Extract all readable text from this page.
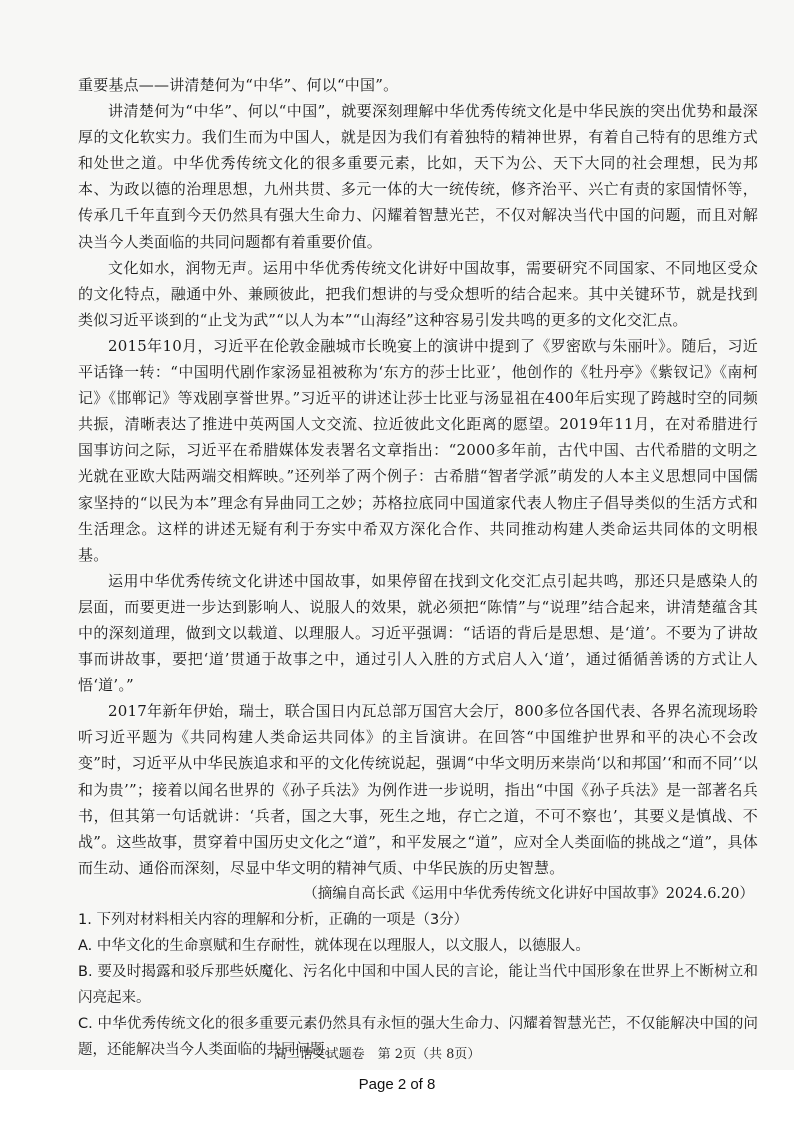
重要基点——讲清楚何为“中华”、何以“中国”。

讲清楚何为“中华”、何以“中国”，就要深刻理解中华优秀传统文化是中华民族的突出优势和最深厚的文化软实力。我们生而为中国人，就是因为我们有着独特的精神世界，有着自己特有的思维方式和处世之道。中华优秀传统文化的很多重要元素，比如，天下为公、天下大同的社会理想，民为邦本、为政以德的治理思想，九州共贯、多元一体的大一统传统，修齐治平、兴亡有责的家国情怀等，传承几千年直到今天仍然具有强大生命力、闪耀着智慧光芒，不仅对解决当代中国的问题，而且对解决当今人类面临的共同问题都有着重要价值。

文化如水，润物无声。运用中华优秀传统文化讲好中国故事，需要研究不同国家、不同地区受众的文化特点，融通中外、兼顾彼此，把我们想讲的与受众想听的结合起来。其中关键环节，就是找到类似习近平谈到的“止戈为武”“以人为本”“山海经”这种容易引发共鸣的更多的文化交汇点。

2015年10月，习近平在伦敦金融城市长晚宴上的演讲中提到了《罗密欧与朱丽叶》。随后，习近平话锋一转：“中国明代剧作家汤显祖被称为‘东方的莎士比亚’，他创作的《牡丹亭》《紫钗记》《南柯记》《邯郸记》等戏剧享誉世界。”习近平的讲述让莎士比亚与汤显祖在400年后实现了跨越时空的同频共振，清晰表达了推进中英两国人文交流、拉近彼此文化距离的愿望。2019年11月，在对希腊进行国事访问之际，习近平在希腊媒体发表署名文章指出：“2000多年前，古代中国、古代希腊的文明之光就在亚欧大陆两端交相辉映。”还列举了两个例子：古希腊“智者学派”萌发的人本主义思想同中国儒家坚持的“以民为本”理念有异曲同工之妙；苏格拉底同中国道家代表人物庄子倡导类似的生活方式和生活理念。这样的讲述无疑有利于夯实中希双方深化合作、共同推动构建人类命运共同体的文明根基。

运用中华优秀传统文化讲述中国故事，如果停留在找到文化交汇点引起共鸣，那还只是感染人的层面，而要更进一步达到影响人、说服人的效果，就必须把“陈情”与“说理”结合起来，讲清楚蕴含其中的深刻道理，做到文以载道、以理服人。习近平强调：“话语的背后是思想、是‘道’。不要为了讲故事而讲故事，要把‘道’贯通于故事之中，通过引人入胜的方式启人入‘道’，通过循循善诱的方式让人悟‘道’。”

2017年新年伊始，瑞士，联合国日内瓦总部万国宫大会厅，800多位各国代表、各界名流现场聆听习近平题为《共同构建人类命运共同体》的主旨演讲。在回答“中国维护世界和平的决心不会改变”时，习近平从中华民族追求和平的文化传统说起，强调“中华文明历来崇尚‘以和邦国’‘和而不同’‘以和为贵’”；接着以闻名世界的《孙子兵法》为例作进一步说明，指出“中国《孙子兵法》是一部著名兵书，但其第一句话就讲：‘兵者，国之大事，死生之地，存亡之道，不可不察也’，其要义是慎战、不战”。这些故事，贯穿着中国历史文化之“道”，和平发展之“道”，应对全人类面临的挑战之“道”，具体而生动、通俗而深刻，尽显中华文明的精神气质、中华民族的历史智慧。

（摘编自高长武《运用中华优秀传统文化讲好中国故事》2024.6.20）

1. 下列对材料相关内容的理解和分析，正确的一项是（3分）

A. 中华文化的生命禀赋和生存耐性，就体现在以理服人，以文服人，以德服人。

B. 要及时揭露和驳斥那些妖魔化、污名化中国和中国人民的言论，能让当代中国形象在世界上不断树立和闪亮起来。

C. 中华优秀传统文化的很多重要元素仍然具有永恒的强大生命力、闪耀着智慧光芒，不仅能解决中国的问题，还能解决当今人类面临的共同问题。

高二语文试题卷　第 2页（共 8页）
Page 2 of 8
